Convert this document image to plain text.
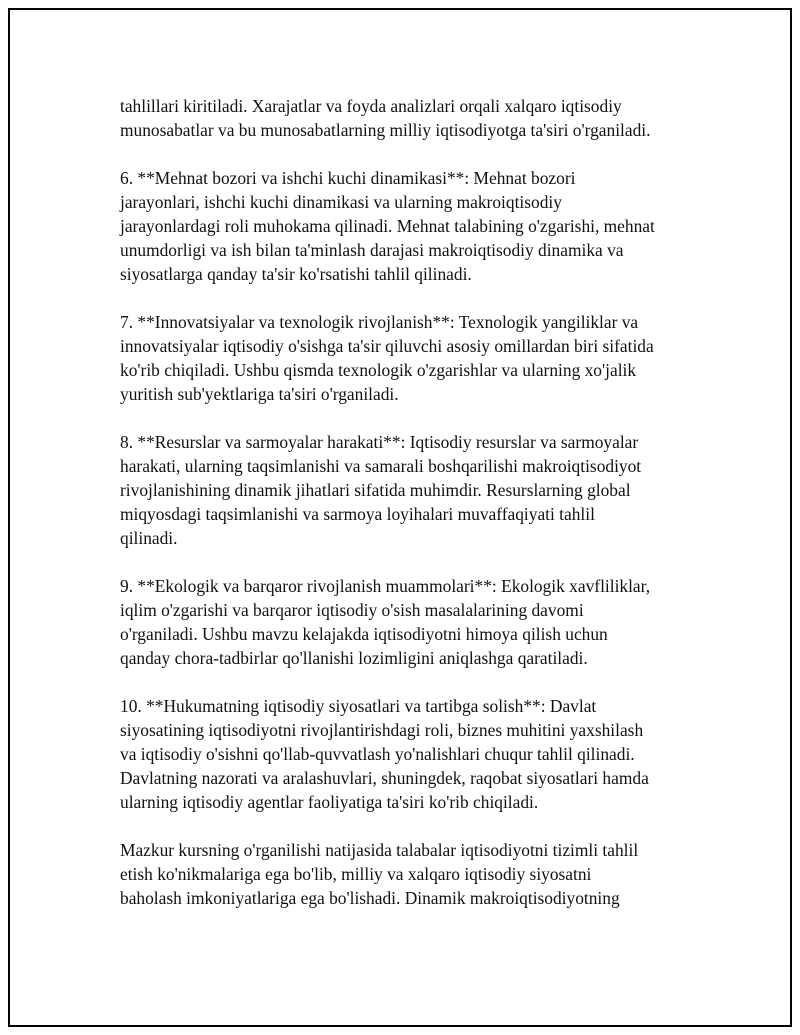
tahlillari kiritiladi. Xarajatlar va foyda analizlari orqali xalqaro iqtisodiy
munosabatlar va bu munosabatlarning milliy iqtisodiyotga ta'siri o'rganiladi.
6. **Mehnat bozori va ishchi kuchi dinamikasi**: Mehnat bozori
jarayonlari, ishchi kuchi dinamikasi va ularning makroiqtisodiy
jarayonlardagi roli muhokama qilinadi. Mehnat talabining o'zgarishi, mehnat
unumdorligi va ish bilan ta'minlash darajasi makroiqtisodiy dinamika va
siyosatlarga qanday ta'sir ko'rsatishi tahlil qilinadi.
7. **Innovatsiyalar va texnologik rivojlanish**: Texnologik yangiliklar va
innovatsiyalar iqtisodiy o'sishga ta'sir qiluvchi asosiy omillardan biri sifatida
ko'rib chiqiladi. Ushbu qismda texnologik o'zgarishlar va ularning xo'jalik
yuritish sub'yektlariga ta'siri o'rganiladi.
8. **Resurslar va sarmoyalar harakati**: Iqtisodiy resurslar va sarmoyalar
harakati, ularning taqsimlanishi va samarali boshqarilishi makroiqtisodiyot
rivojlanishining dinamik jihatlari sifatida muhimdir. Resurslarning global
miqyosdagi taqsimlanishi va sarmoya loyihalari muvaffaqiyati tahlil
qilinadi.
9. **Ekologik va barqaror rivojlanish muammolari**: Ekologik xavfliliklar,
iqlim o'zgarishi va barqaror iqtisodiy o'sish masalalarining davomi
o'rganiladi. Ushbu mavzu kelajakda iqtisodiyotni himoya qilish uchun
qanday chora-tadbirlar qo'llanishi lozimligini aniqlashga qaratiladi.
10. **Hukumatning iqtisodiy siyosatlari va tartibga solish**: Davlat
siyosatining iqtisodiyotni rivojlantirishdagi roli, biznes muhitini yaxshilash
va iqtisodiy o'sishni qo'llab-quvvatlash yo'nalishlari chuqur tahlil qilinadi.
Davlatning nazorati va aralashuvlari, shuningdek, raqobat siyosatlari hamda
ularning iqtisodiy agentlar faoliyatiga ta'siri ko'rib chiqiladi.
Mazkur kursning o'rganilishi natijasida talabalar iqtisodiyotni tizimli tahlil
etish ko'nikmalariga ega bo'lib, milliy va xalqaro iqtisodiy siyosatni
baholash imkoniyatlariga ega bo'lishadi. Dinamik makroiqtisodiyotning
